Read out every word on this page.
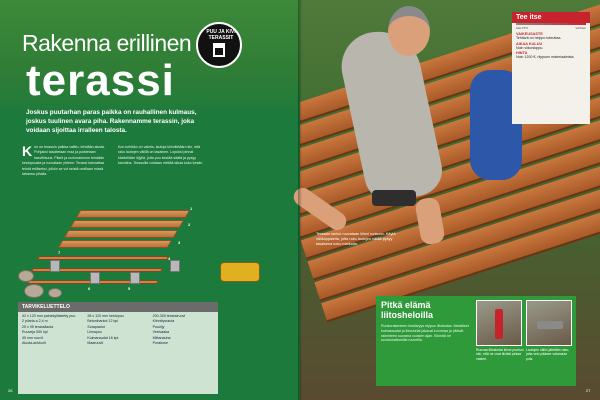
Rakenna erillinen
terassi
PUU JA KIVI TERASSIT
Joskus puutarhan paras paikka on rauhallinen kulmaus, joskus tuulinen avara piha. Rakennamme terassin, joka voidaan sijoittaa irralleen talosta.
Kun on terassin paikka valittu, tehdään alusta. Pohjaksi tasoitetaan maa ja poistetaan kasvillisuus. Pilarit ja runkorakenne tehdään kestopuusta ja ruuvataan yhteen. Terassi kannattaa tehdä erilliseksi, jolloin se voi seistä omillaan missä tahansa pihalla.
Kun kehikko on valmis, lautoja kiinnitetään niin, että rako lautojen välillä on tasainen. Lopuksi pinnat käsitellään öljyllä, jotta puu kestää säätä ja pysyy kauniina. Terassilla voidaan viettää aikaa koko kesän.
1
2
3
4
5
6
7
TARVIKELUETTELO
42 x 120 mm painekyllästetty puu
2 pilaria a 2,4 m
25 x 95 terassilauta
Ruuveja 500 kpl
45 mm ruuvit
Alusta-ankkurit
28 x 120 mm kestopuu
Betoniharkot 12 kpl
Sorapaalut
Liimapuu
Kulmaraudat 16 kpl
Maaruuvit
200-300 terassiruuvi
Kiinnitysrauta
Puuöljy
Vesivaaka
Mittanauha
Porakone
26
Terassin lankut ruuvataan kiinni runkoon. Käytä välikappaleita, jotta rako lautojen välillä pysyy tasaisena koko matkalta.
Tee itse
HELPPO	VAIKEA
VAIKEUSASTE
Tehtävä on helppo toteuttaa.
AIKAA KULUU
Noin viikonloppu.
HINTA
Noin 1200 €, riippuen materiaaleista.
Pitkä elämä liitosheloilla
Runkorakenteen kestävyys riippuu liitoksista. Metalliset kulmaraudat ja liitoshelat jakavat kuormaa ja pitävät rakenteen suorana vuosien ajan. Kiinnitä ne ruostumattomilla ruuveilla.
Ruuvaa liitoshelat kiinni puuhun niin, että ne ovat tiiviisti pintaa vasten.
Lautojen väliin jätetään rako, jotta vesi pääsee valumaan pois.
27
